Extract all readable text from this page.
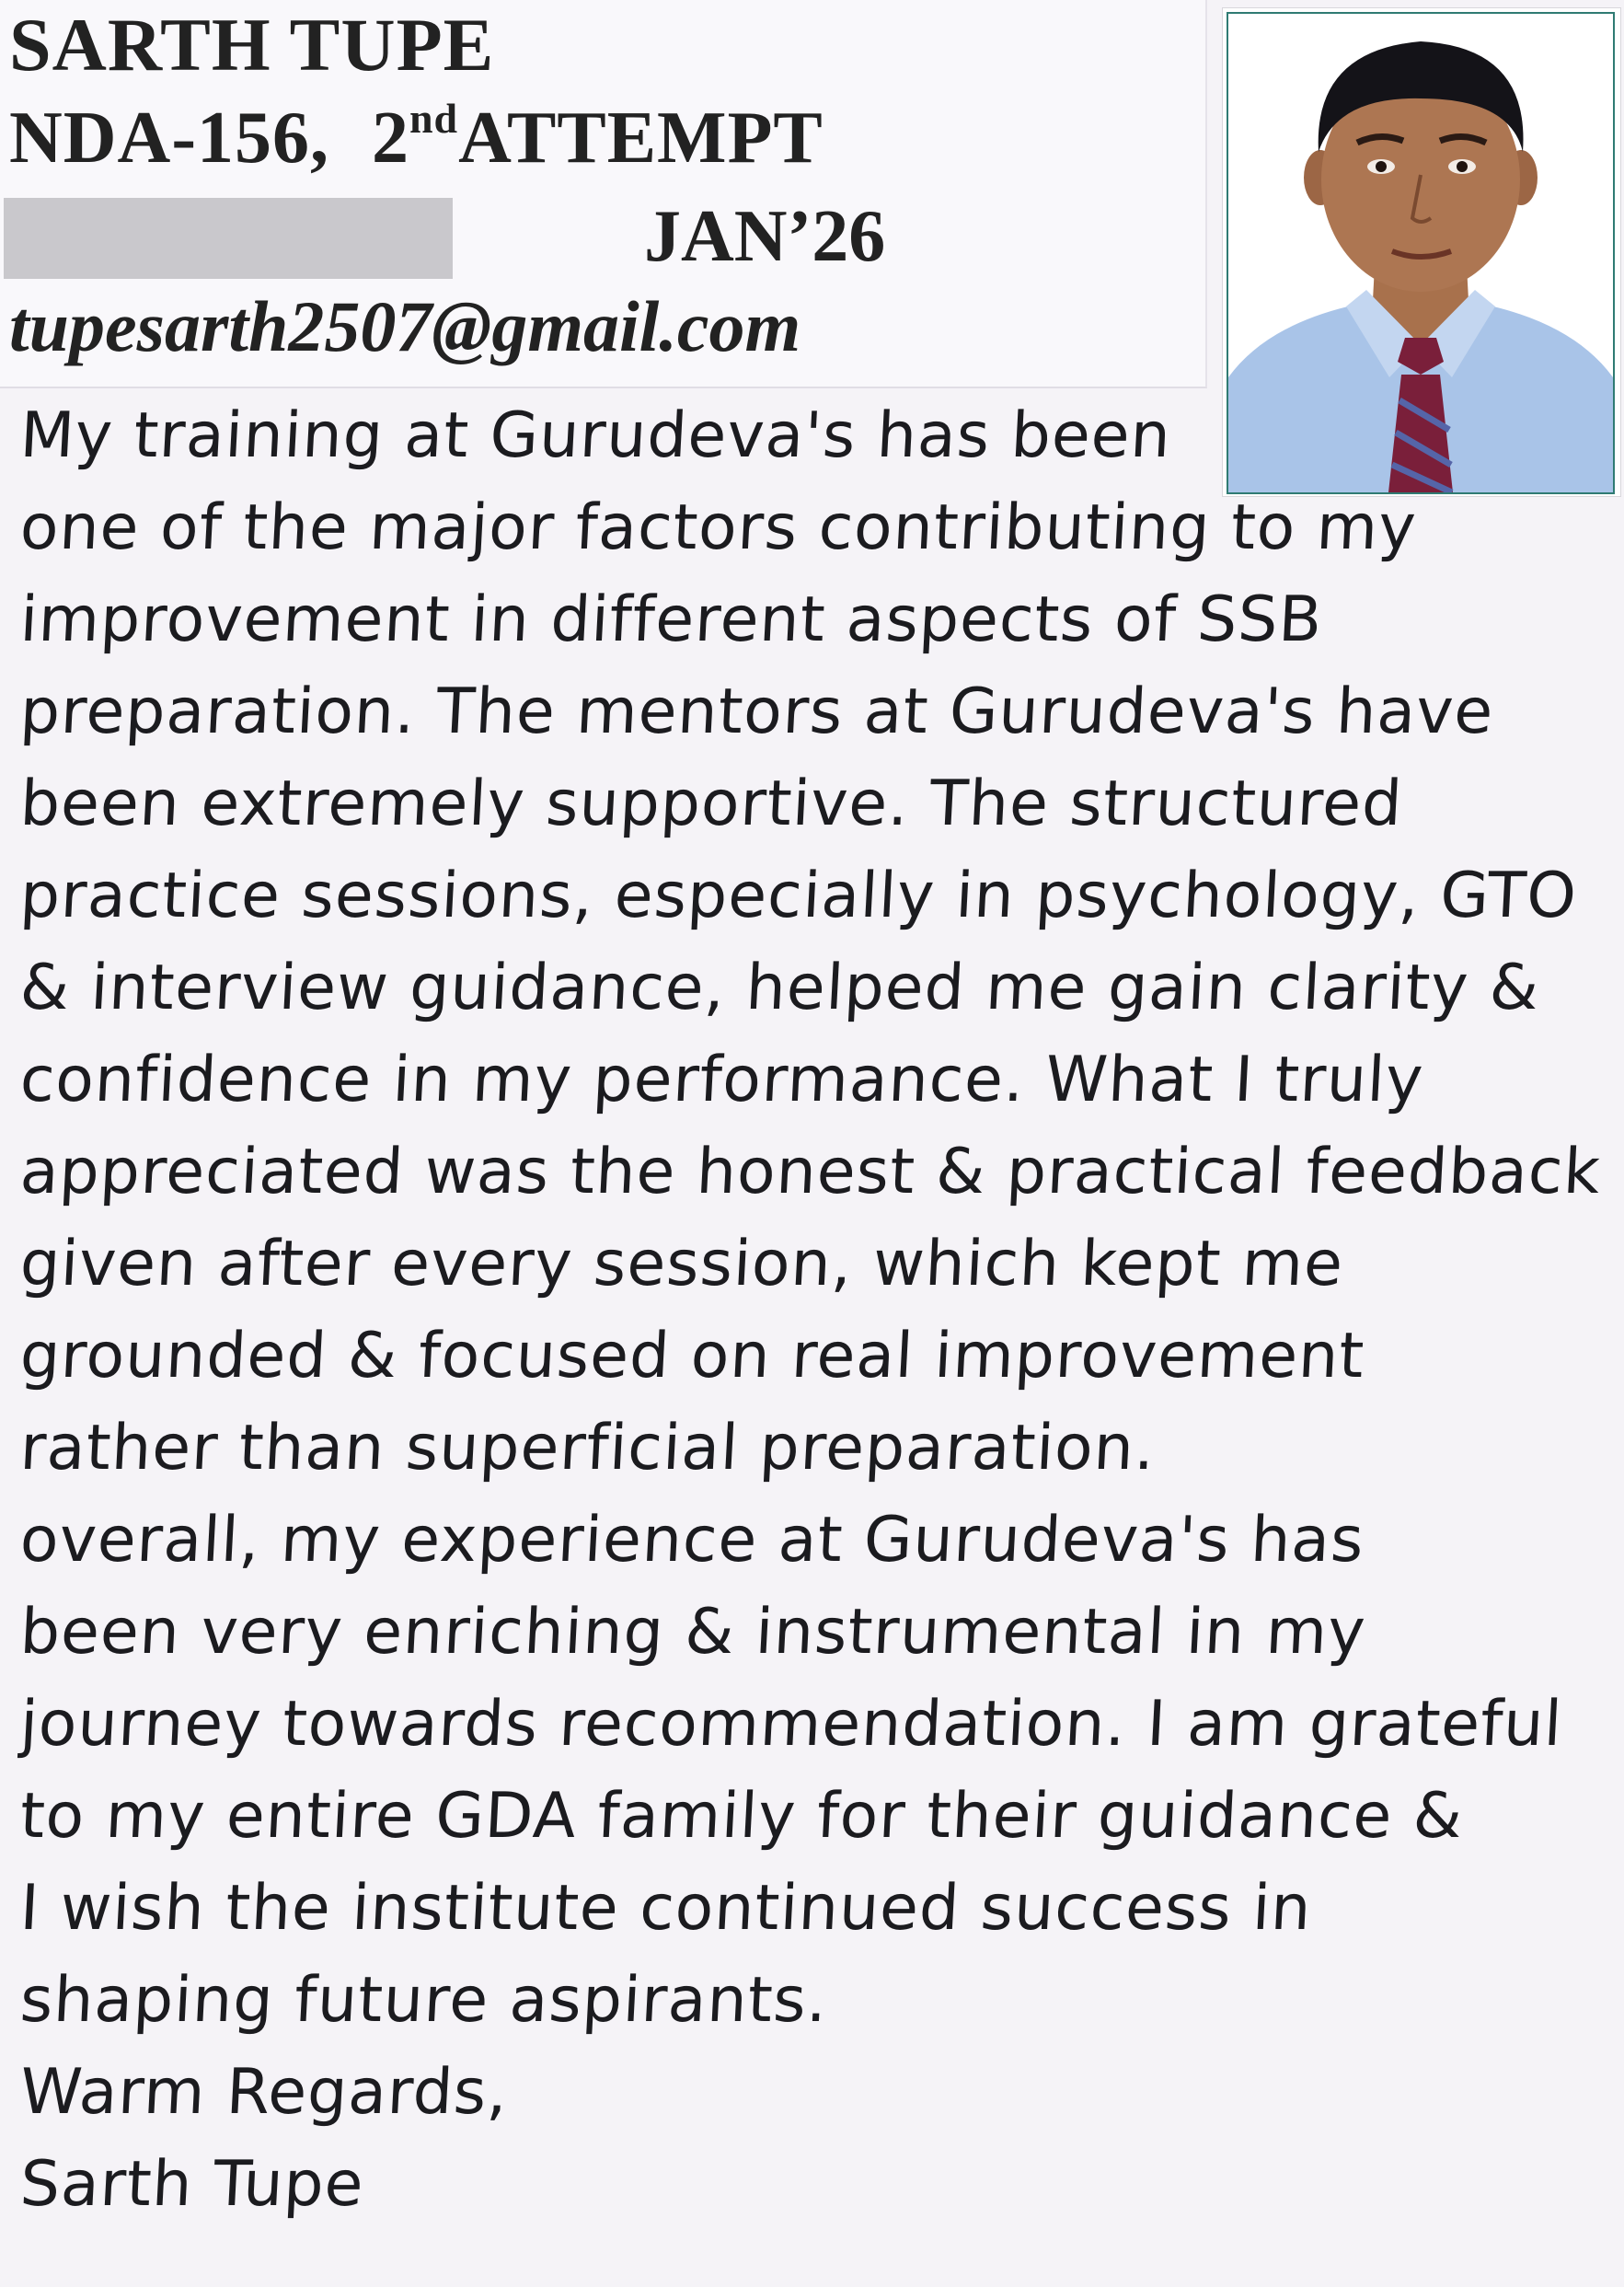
SARTH TUPE

NDA-156, 2ndATTEMPT

JAN’26

tupesarth2507@gmail.com

My training at Gurudeva's has been
one of the major factors contributing to my
improvement in different aspects of SSB
preparation. The mentors at Gurudeva's have
been extremely supportive. The structured
practice sessions, especially in psychology, GTO
& interview guidance, helped me gain clarity &
confidence in my performance. What I truly
appreciated was the honest & practical feedback
given after every session, which kept me
grounded & focused on real improvement
rather than superficial preparation.
overall, my experience at Gurudeva's has
been very enriching & instrumental in my
journey towards recommendation. I am grateful
to my entire GDA family for their guidance &
I wish the institute continued success in
shaping future aspirants.
Warm Regards,
Sarth Tupe
